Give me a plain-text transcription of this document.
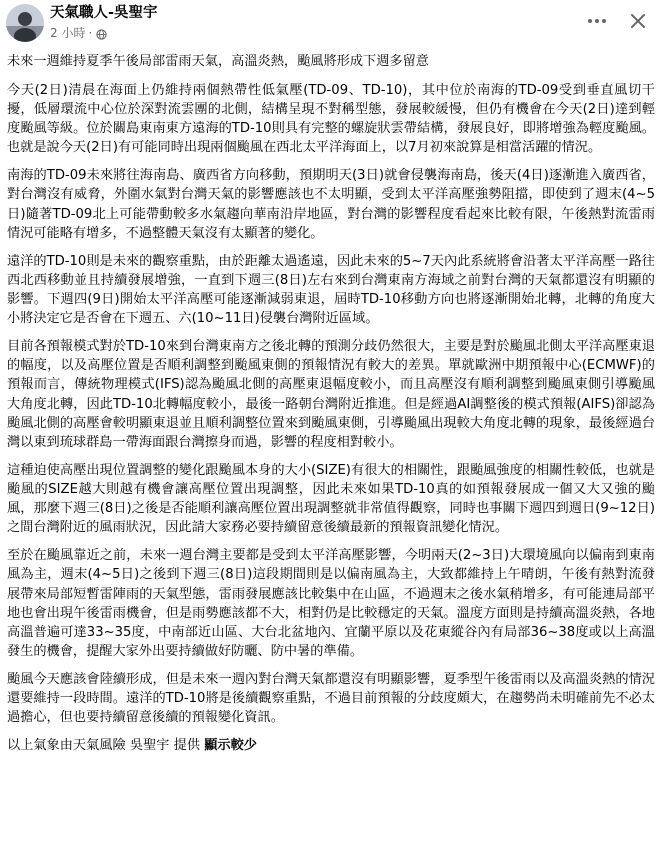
天氣職人-吳聖宇
2 小時 ·

未來一週維持夏季午後局部雷雨天氣，高溫炎熱，颱風將形成下週多留意

今天(2日)清晨在海面上仍維持兩個熱帶性低氣壓(TD-09、TD-10)，其中位於南海的TD-09受到垂直風切干擾，低層環流中心位於深對流雲團的北側，結構呈現不對稱型態，發展較緩慢，但仍有機會在今天(2日)達到輕度颱風等級。位於關島東南東方遠海的TD-10則具有完整的螺旋狀雲帶結構，發展良好，即將增強為輕度颱風。也就是說今天(2日)有可能同時出現兩個颱風在西北太平洋海面上，以7月初來說算是相當活躍的情況。

南海的TD-09未來將往海南島、廣西省方向移動，預期明天(3日)就會侵襲海南島，後天(4日)逐漸進入廣西省，對台灣沒有威脅，外圍水氣對台灣天氣的影響應該也不太明顯，受到太平洋高壓強勢阻擋，即使到了週末(4~5日)隨著TD-09北上可能帶動較多水氣趨向華南沿岸地區，對台灣的影響程度看起來比較有限，午後熱對流雷雨情況可能略有增多，不過整體天氣沒有太顯著的變化。

遠洋的TD-10則是未來的觀察重點，由於距離太過遙遠，因此未來的5~7天內此系統將會沿著太平洋高壓一路往西北西移動並且持續發展增強，一直到下週三(8日)左右來到台灣東南方海域之前對台灣的天氣都還沒有明顯的影響。下週四(9日)開始太平洋高壓可能逐漸減弱東退，屆時TD-10移動方向也將逐漸開始北轉，北轉的角度大小將決定它是否會在下週五、六(10~11日)侵襲台灣附近區域。

目前各預報模式對於TD-10來到台灣東南方之後北轉的預測分歧仍然很大，主要是對於颱風北側太平洋高壓東退的幅度，以及高壓位置是否順利調整到颱風東側的預報情況有較大的差異。單就歐洲中期預報中心(ECMWF)的預報而言，傳統物理模式(IFS)認為颱風北側的高壓東退幅度較小，而且高壓沒有順利調整到颱風東側引導颱風大角度北轉，因此TD-10北轉幅度較小，最後一路朝台灣附近推進。但是經過AI調整後的模式預報(AIFS)卻認為颱風北側的高壓會較明顯東退並且順利調整位置來到颱風東側，引導颱風出現較大角度北轉的現象，最後經過台灣以東到琉球群島一帶海面跟台灣擦身而過，影響的程度相對較小。

這種迫使高壓出現位置調整的變化跟颱風本身的大小(SIZE)有很大的相關性，跟颱風強度的相關性較低，也就是颱風的SIZE越大則越有機會讓高壓位置出現調整，因此未來如果TD-10真的如預報發展成一個又大又強的颱風，那麼下週三(8日)之後是否能順利讓高壓位置出現調整就非常值得觀察，同時也事關下週四到週日(9~12日)之間台灣附近的風雨狀況，因此請大家務必要持續留意後續最新的預報資訊變化情況。

至於在颱風靠近之前，未來一週台灣主要都是受到太平洋高壓影響，今明兩天(2~3日)大環境風向以偏南到東南風為主，週末(4~5日)之後到下週三(8日)這段期間則是以偏南風為主，大致都維持上午晴朗，午後有熱對流發展帶來局部短暫雷陣雨的天氣型態，雷雨發展應該比較集中在山區，不過週末之後水氣稍增多，有可能連局部平地也會出現午後雷雨機會，但是雨勢應該都不大，相對仍是比較穩定的天氣。溫度方面則是持續高溫炎熱，各地高溫普遍可達33~35度，中南部近山區、大台北盆地內、宜蘭平原以及花東縱谷內有局部36~38度或以上高溫發生的機會，提醒大家外出要持續做好防曬、防中暑的準備。

颱風今天應該會陸續形成，但是未來一週內對台灣天氣都還沒有明顯影響，夏季型午後雷雨以及高溫炎熱的情況還要維持一段時間。遠洋的TD-10將是後續觀察重點，不過目前預報的分歧度頗大，在趨勢尚未明確前先不必太過擔心，但也要持續留意後續的預報變化資訊。

以上氣象由天氣風險 吳聖宇 提供 顯示較少
